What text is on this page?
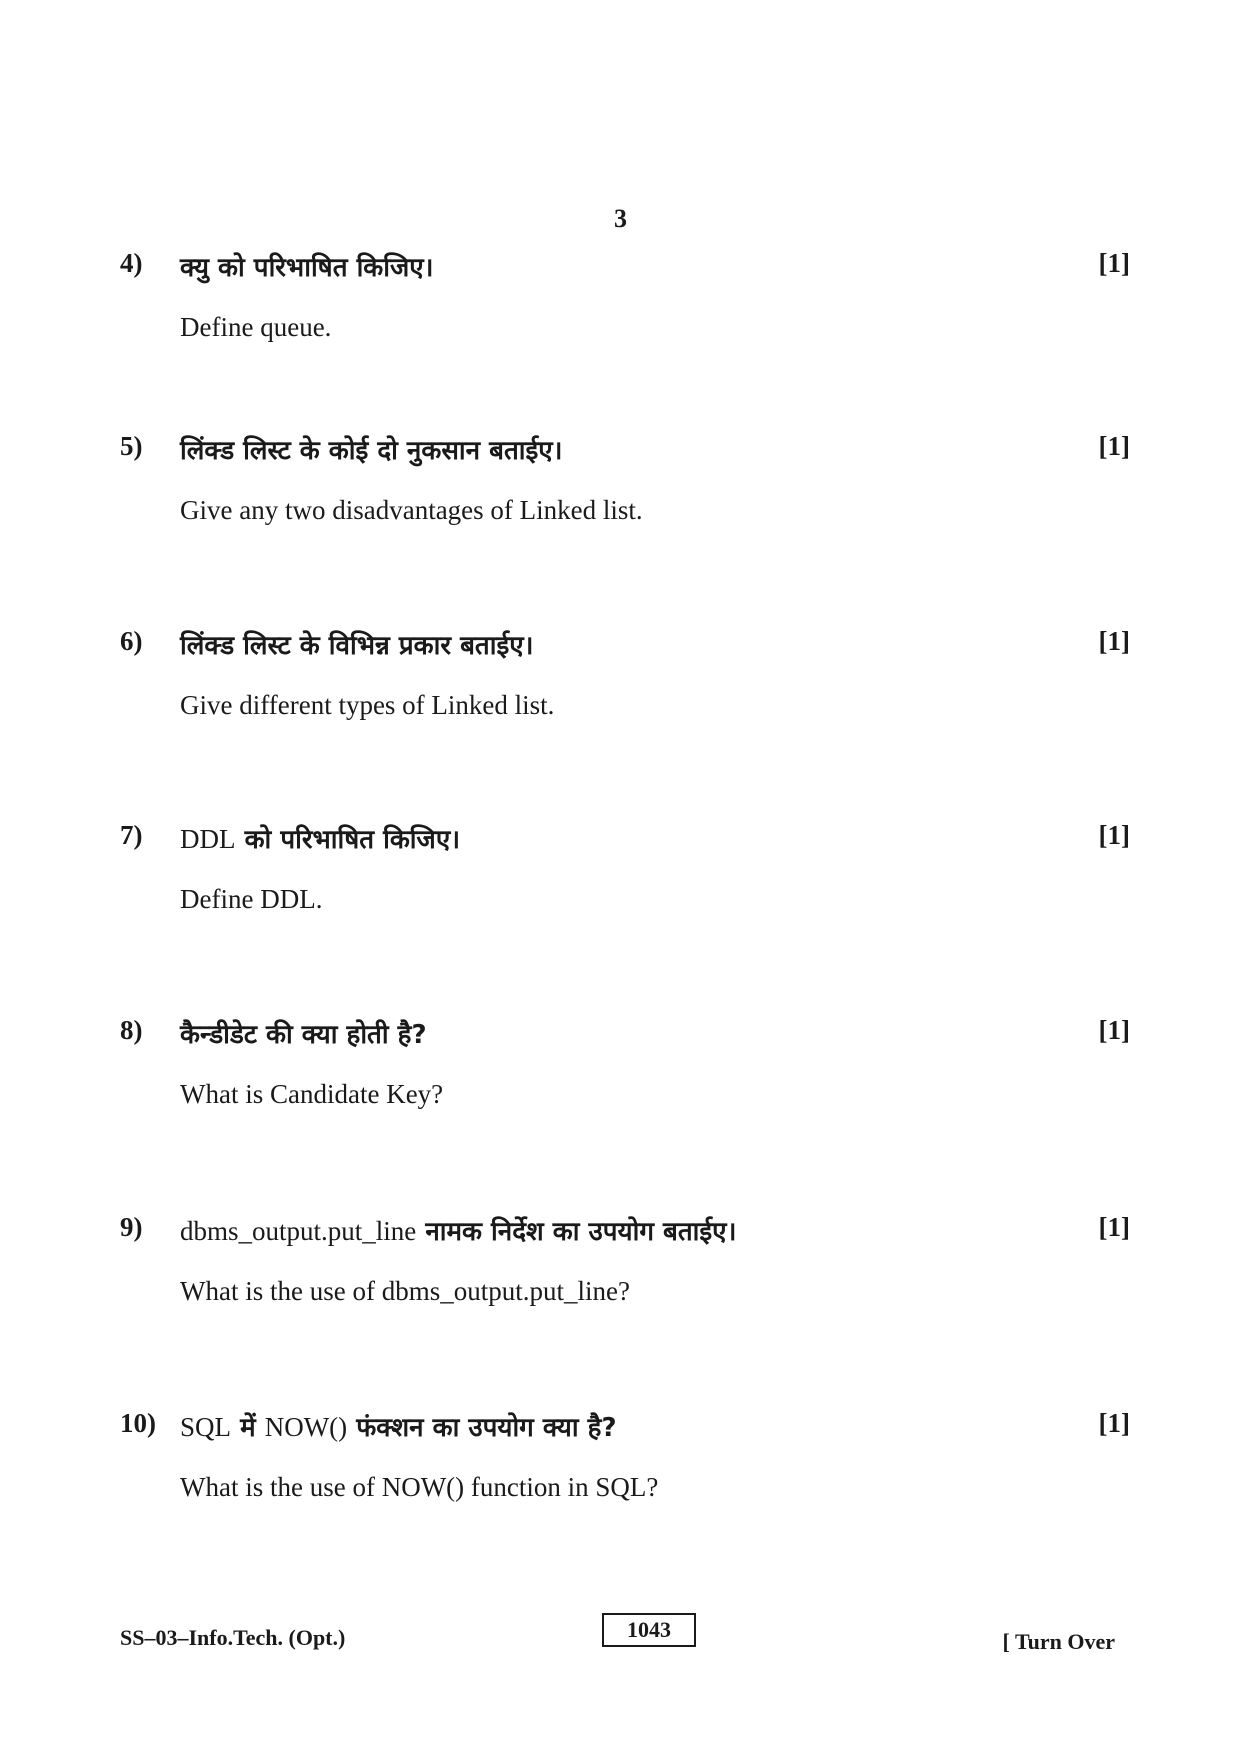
3
4) क्यु को परिभाषित किजिए।	[1]
Define queue.
5) लिंक्ड लिस्ट के कोई दो नुकसान बताईए।	[1]
Give any two disadvantages of Linked list.
6) लिंक्ड लिस्ट के विभिन्न प्रकार बताईए।	[1]
Give different types of Linked list.
7) DDL को परिभाषित किजिए।	[1]
Define DDL.
8) कैन्डीडेट की क्या होती है?	[1]
What is Candidate Key?
9) dbms_output.put_line नामक निर्देश का उपयोग बताईए।	[1]
What is the use of dbms_output.put_line?
10) SQL में NOW() फंक्शन का उपयोग क्या है?	[1]
What is the use of NOW() function in SQL?
SS–03–Info.Tech. (Opt.)	1043	[ Turn Over
